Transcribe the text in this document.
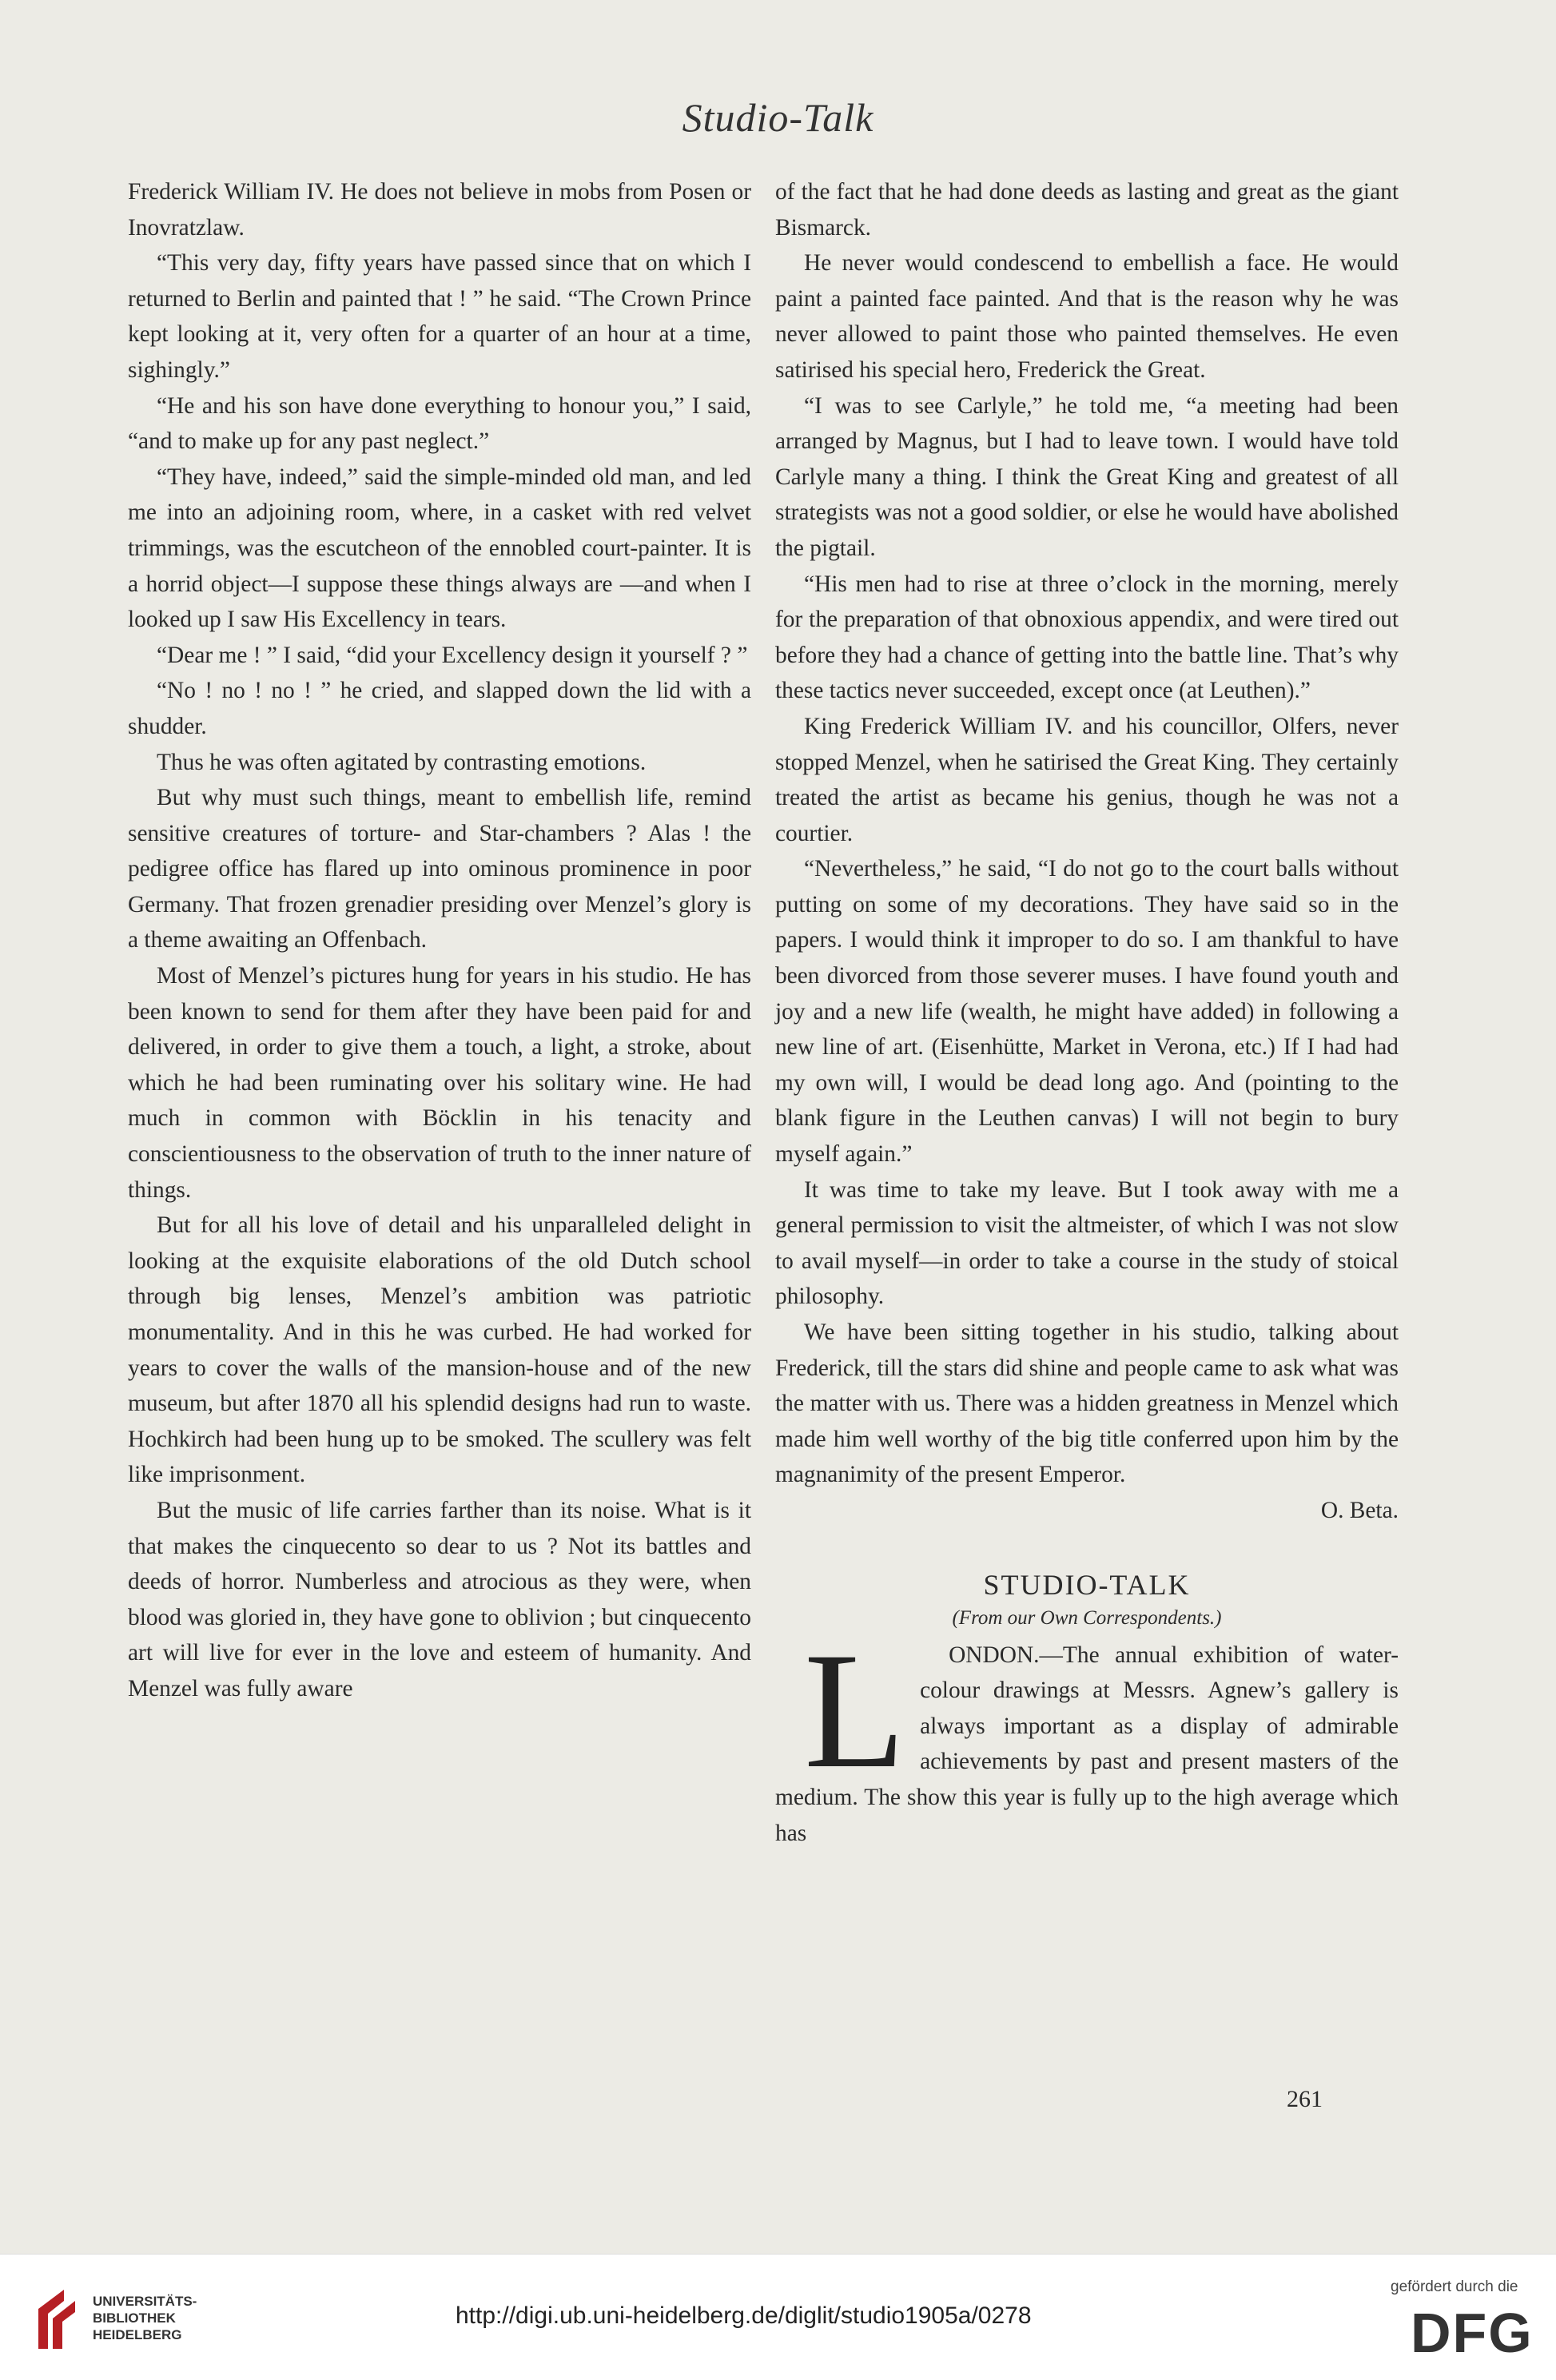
Studio-Talk

Frederick William IV. He does not believe in mobs from Posen or Inovratzlaw.

“This very day, fifty years have passed since that on which I returned to Berlin and painted that ! ” he said. “The Crown Prince kept looking at it, very often for a quarter of an hour at a time, sighingly.”

“He and his son have done everything to honour you,” I said, “and to make up for any past neglect.”

“They have, indeed,” said the simple-minded old man, and led me into an adjoining room, where, in a casket with red velvet trimmings, was the escutcheon of the ennobled court-painter. It is a horrid object—I suppose these things always are —and when I looked up I saw His Excellency in tears.

“Dear me ! ” I said, “did your Excellency design it yourself ? ”

“No ! no ! no ! ” he cried, and slapped down the lid with a shudder.

Thus he was often agitated by contrasting emotions.

But why must such things, meant to embellish life, remind sensitive creatures of torture- and Star-chambers ? Alas ! the pedigree office has flared up into ominous prominence in poor Germany. That frozen grenadier presiding over Menzel’s glory is a theme awaiting an Offenbach.

Most of Menzel’s pictures hung for years in his studio. He has been known to send for them after they have been paid for and delivered, in order to give them a touch, a light, a stroke, about which he had been ruminating over his solitary wine. He had much in common with Böcklin in his tenacity and conscientiousness to the observation of truth to the inner nature of things.

But for all his love of detail and his unparalleled delight in looking at the exquisite elaborations of the old Dutch school through big lenses, Menzel’s ambition was patriotic monumentality. And in this he was curbed. He had worked for years to cover the walls of the mansion-house and of the new museum, but after 1870 all his splendid designs had run to waste. Hochkirch had been hung up to be smoked. The scullery was felt like imprisonment.

But the music of life carries farther than its noise. What is it that makes the cinquecento so dear to us ? Not its battles and deeds of horror. Numberless and atrocious as they were, when blood was gloried in, they have gone to oblivion ; but cinquecento art will live for ever in the love and esteem of humanity. And Menzel was fully aware

of the fact that he had done deeds as lasting and great as the giant Bismarck.

He never would condescend to embellish a face. He would paint a painted face painted. And that is the reason why he was never allowed to paint those who painted themselves. He even satirised his special hero, Frederick the Great.

“I was to see Carlyle,” he told me, “a meeting had been arranged by Magnus, but I had to leave town. I would have told Carlyle many a thing. I think the Great King and greatest of all strategists was not a good soldier, or else he would have abolished the pigtail.

“His men had to rise at three o’clock in the morning, merely for the preparation of that obnoxious appendix, and were tired out before they had a chance of getting into the battle line. That’s why these tactics never succeeded, except once (at Leuthen).”

King Frederick William IV. and his councillor, Olfers, never stopped Menzel, when he satirised the Great King. They certainly treated the artist as became his genius, though he was not a courtier.

“Nevertheless,” he said, “I do not go to the court balls without putting on some of my decorations. They have said so in the papers. I would think it improper to do so. I am thankful to have been divorced from those severer muses. I have found youth and joy and a new life (wealth, he might have added) in following a new line of art. (Eisenhütte, Market in Verona, etc.) If I had had my own will, I would be dead long ago. And (pointing to the blank figure in the Leuthen canvas) I will not begin to bury myself again.”

It was time to take my leave. But I took away with me a general permission to visit the altmeister, of which I was not slow to avail myself—in order to take a course in the study of stoical philosophy.

We have been sitting together in his studio, talking about Frederick, till the stars did shine and people came to ask what was the matter with us. There was a hidden greatness in Menzel which made him well worthy of the big title conferred upon him by the magnanimity of the present Emperor.

O. Beta.

STUDIO-TALK
(From our Own Correspondents.)

L ONDON.—The annual exhibition of water-colour drawings at Messrs. Agnew’s gallery is always important as a display of admirable achievements by past and present masters of the medium. The show this year is fully up to the high average which has

261
UNIVERSITÄTS-
BIBLIOTHEK
HEIDELBERG
http://digi.ub.uni-heidelberg.de/diglit/studio1905a/0278
gefördert durch die
DFG
